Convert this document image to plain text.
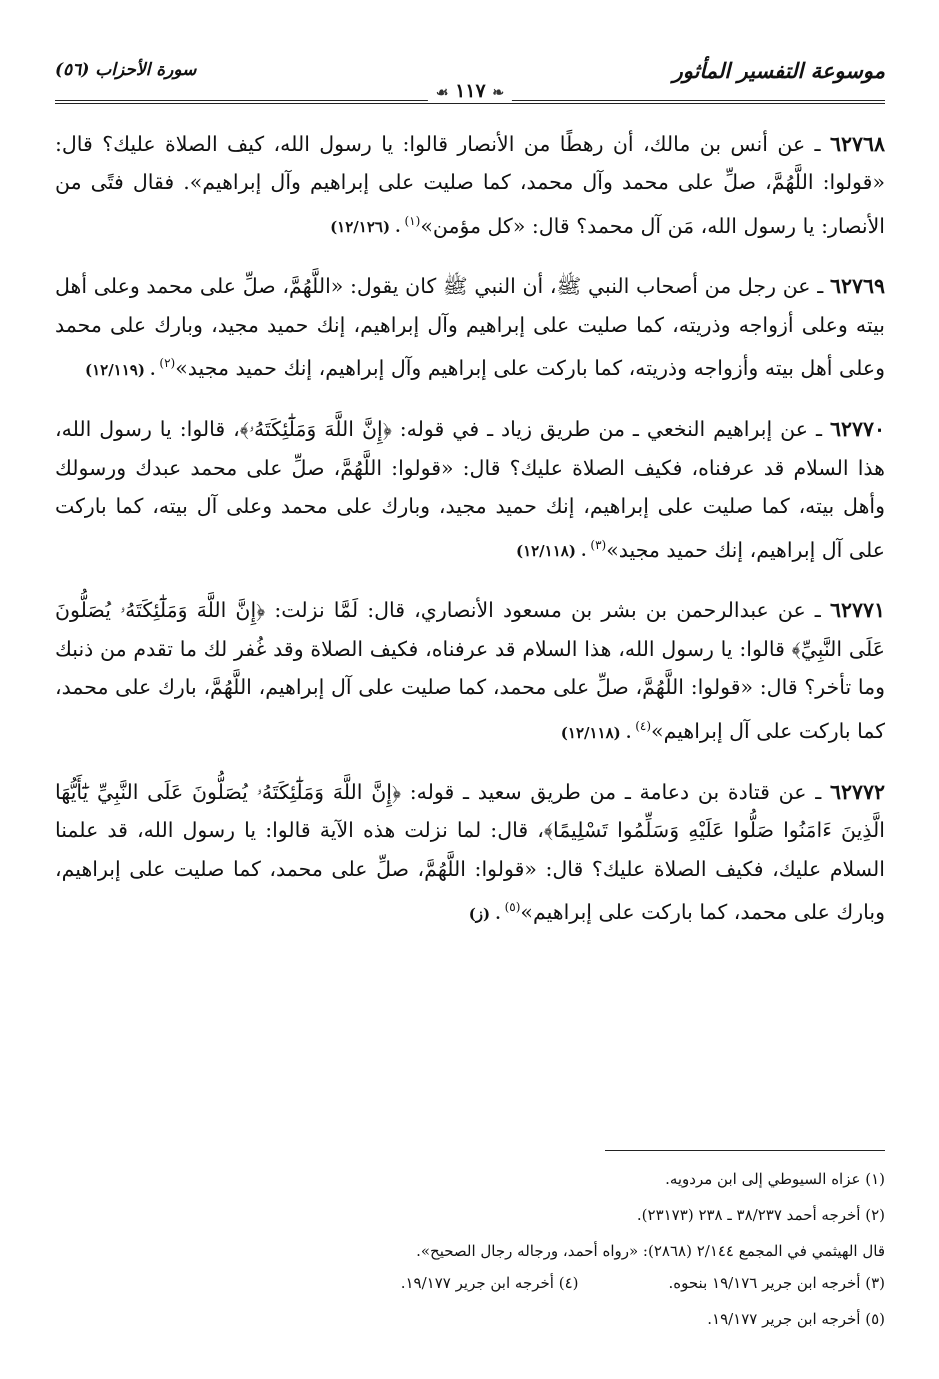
موسوعة التفسير المأثور
سورة الأحزاب (٥٦)
❧ ١١٧ ☙

٦٢٧٦٨ ـ عن أنس بن مالك، أن رهطًا من الأنصار قالوا: يا رسول الله، كيف الصلاة عليك؟ قال: «قولوا: اللَّهُمَّ، صلِّ على محمد وآل محمد، كما صليت على إبراهيم وآل إبراهيم». فقال فتًى من الأنصار: يا رسول الله، مَن آل محمد؟ قال: «كل مؤمن»$^{(١)}$. (١٢/١٢٦)

٦٢٧٦٩ ـ عن رجل من أصحاب النبي ﷺ، أن النبي ﷺ كان يقول: «اللَّهُمَّ، صلِّ على محمد وعلى أهل بيته وعلى أزواجه وذريته، كما صليت على إبراهيم وآل إبراهيم، إنك حميد مجيد، وبارك على محمد وعلى أهل بيته وأزواجه وذريته، كما باركت على إبراهيم وآل إبراهيم، إنك حميد مجيد»$^{(٢)}$. (١٢/١١٩)

٦٢٧٧٠ ـ عن إبراهيم النخعي ـ من طريق زياد ـ في قوله: ﴿إِنَّ اللَّهَ وَمَلَٰٓئِكَتَهُۥ﴾، قالوا: يا رسول الله، هذا السلام قد عرفناه، فكيف الصلاة عليك؟ قال: «قولوا: اللَّهُمَّ، صلِّ على محمد عبدك ورسولك وأهل بيته، كما صليت على إبراهيم، إنك حميد مجيد، وبارك على محمد وعلى آل بيته، كما باركت على آل إبراهيم، إنك حميد مجيد»$^{(٣)}$. (١٢/١١٨)

٦٢٧٧١ ـ عن عبدالرحمن بن بشر بن مسعود الأنصاري، قال: لَمَّا نزلت: ﴿إِنَّ اللَّهَ وَمَلَٰٓئِكَتَهُۥ يُصَلُّونَ عَلَى النَّبِيِّ﴾ قالوا: يا رسول الله، هذا السلام قد عرفناه، فكيف الصلاة وقد غُفر لك ما تقدم من ذنبك وما تأخر؟ قال: «قولوا: اللَّهُمَّ، صلِّ على محمد، كما صليت على آل إبراهيم، اللَّهُمَّ، بارك على محمد، كما باركت على آل إبراهيم»$^{(٤)}$. (١٢/١١٨)

٦٢٧٧٢ ـ عن قتادة بن دعامة ـ من طريق سعيد ـ قوله: ﴿إِنَّ اللَّهَ وَمَلَٰٓئِكَتَهُۥ يُصَلُّونَ عَلَى النَّبِيِّ يَٰٓأَيُّهَا الَّذِينَ ءَامَنُوا صَلُّوا عَلَيْهِ وَسَلِّمُوا تَسْلِيمًا﴾، قال: لما نزلت هذه الآية قالوا: يا رسول الله، قد علمنا السلام عليك، فكيف الصلاة عليك؟ قال: «قولوا: اللَّهُمَّ، صلِّ على محمد، كما صليت على إبراهيم، وبارك على محمد، كما باركت على إبراهيم»$^{(٥)}$. (ز)

(١) عزاه السيوطي إلى ابن مردويه.
(٢) أخرجه أحمد ٣٨/٢٣٧ ـ ٢٣٨ (٢٣١٧٣).
قال الهيثمي في المجمع ٢/١٤٤ (٢٨٦٨): «رواه أحمد، ورجاله رجال الصحيح».
(٣) أخرجه ابن جرير ١٩/١٧٦ بنحوه.
(٤) أخرجه ابن جرير ١٩/١٧٧.
(٥) أخرجه ابن جرير ١٩/١٧٧.
